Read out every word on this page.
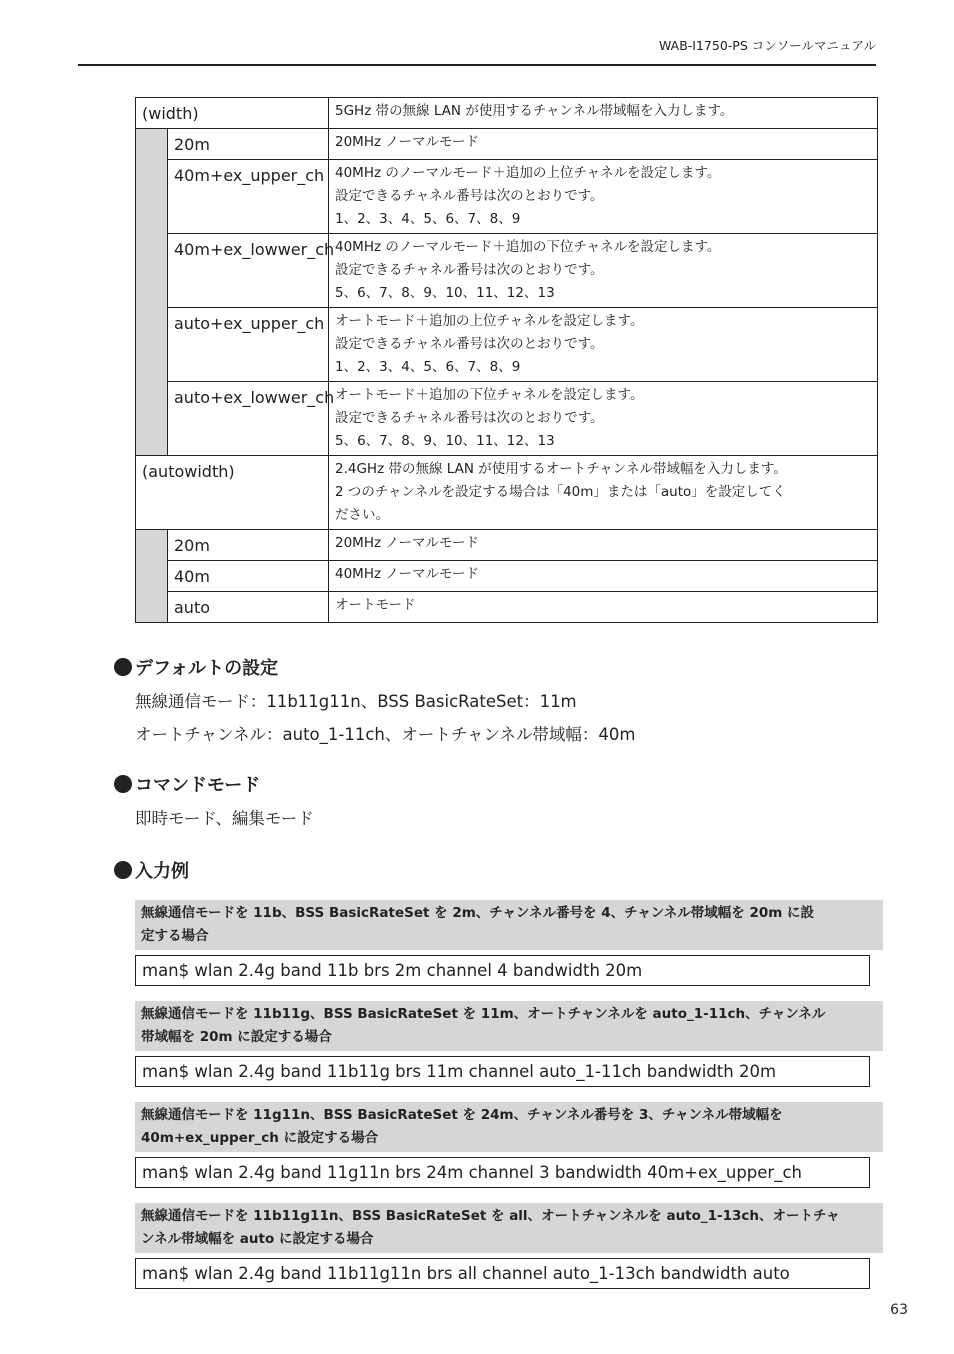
WAB-I1750-PS コンソールマニュアル
(width)		5GHz 帯の無線 LAN が使用するチャンネル帯域幅を入力します。

	20m	20MHz ノーマルモード

	40m+ex_upper_ch	40MHz のノーマルモード＋追加の上位チャネルを設定します。
設定できるチャネル番号は次のとおりです。
1、2、3、4、5、6、7、8、9

	40m+ex_lowwer_ch	40MHz のノーマルモード＋追加の下位チャネルを設定します。
設定できるチャネル番号は次のとおりです。
5、6、7、8、9、10、11、12、13

	auto+ex_upper_ch	オートモード＋追加の上位チャネルを設定します。
設定できるチャネル番号は次のとおりです。
1、2、3、4、5、6、7、8、9

	auto+ex_lowwer_ch	オートモード＋追加の下位チャネルを設定します。
設定できるチャネル番号は次のとおりです。
5、6、7、8、9、10、11、12、13

(autowidth)		2.4GHz 帯の無線 LAN が使用するオートチャンネル帯域幅を入力します。
2 つのチャンネルを設定する場合は「40m」または「auto」を設定してく
ださい。

	20m	20MHz ノーマルモード

	40m	40MHz ノーマルモード

	auto	オートモード
デフォルトの設定
無線通信モード：11b11g11n、BSS BasicRateSet：11m
オートチャンネル：auto_1-11ch、オートチャンネル帯域幅：40m
コマンドモード
即時モード、編集モード
入力例
無線通信モードを 11b、BSS BasicRateSet を 2m、チャンネル番号を 4、チャンネル帯域幅を 20m に設
定する場合
man$ wlan 2.4g band 11b brs 2m channel 4 bandwidth 20m
無線通信モードを 11b11g、BSS BasicRateSet を 11m、オートチャンネルを auto_1-11ch、チャンネル
帯域幅を 20m に設定する場合
man$ wlan 2.4g band 11b11g brs 11m channel auto_1-11ch bandwidth 20m
無線通信モードを 11g11n、BSS BasicRateSet を 24m、チャンネル番号を 3、チャンネル帯域幅を
40m+ex_upper_ch に設定する場合
man$ wlan 2.4g band 11g11n brs 24m channel 3 bandwidth 40m+ex_upper_ch
無線通信モードを 11b11g11n、BSS BasicRateSet を all、オートチャンネルを auto_1-13ch、オートチャ
ンネル帯域幅を auto に設定する場合
man$ wlan 2.4g band 11b11g11n brs all channel auto_1-13ch bandwidth auto
63
